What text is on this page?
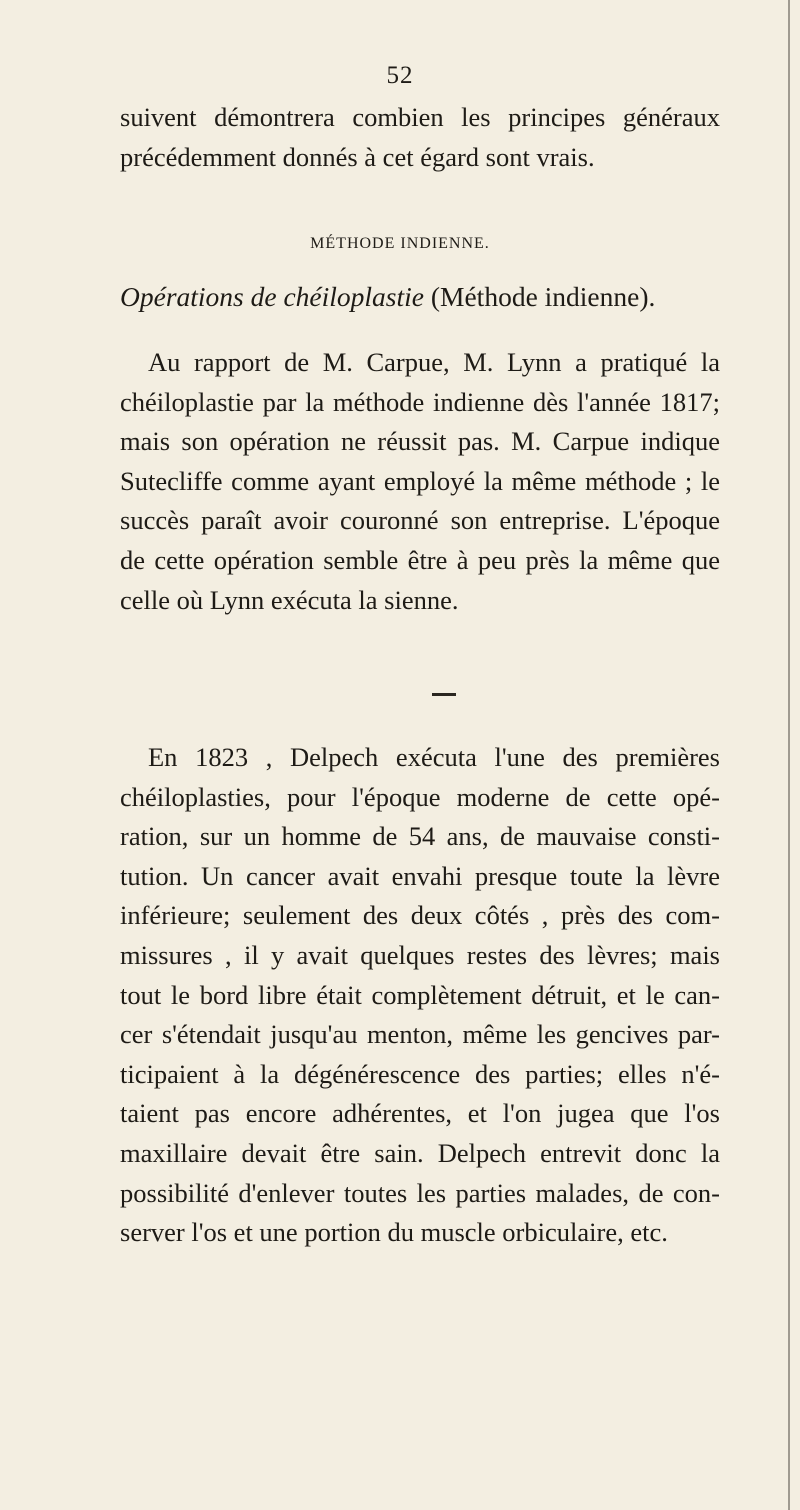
52
suivent démontrera combien les principes généraux
précédemment donnés à cet égard sont vrais.
MÉTHODE INDIENNE.
Opérations de chéiloplastie (Méthode indienne).
Au rapport de M. Carpue, M. Lynn a pratiqué la
chéiloplastie par la méthode indienne dès l'année 1817;
mais son opération ne réussit pas. M. Carpue indique
Sutecliffe comme ayant employé la même méthode ; le
succès paraît avoir couronné son entreprise. L'époque
de cette opération semble être à peu près la même que
celle où Lynn exécuta la sienne.
En 1823 , Delpech exécuta l'une des premières
chéiloplasties, pour l'époque moderne de cette opé-
ration, sur un homme de 54 ans, de mauvaise consti-
tution. Un cancer avait envahi presque toute la lèvre
inférieure; seulement des deux côtés , près des com-
missures , il y avait quelques restes des lèvres; mais
tout le bord libre était complètement détruit, et le can-
cer s'étendait jusqu'au menton, même les gencives par-
ticipaient à la dégénérescence des parties; elles n'é-
taient pas encore adhérentes, et l'on jugea que l'os
maxillaire devait être sain. Delpech entrevit donc la
possibilité d'enlever toutes les parties malades, de con-
server l'os et une portion du muscle orbiculaire, etc.
